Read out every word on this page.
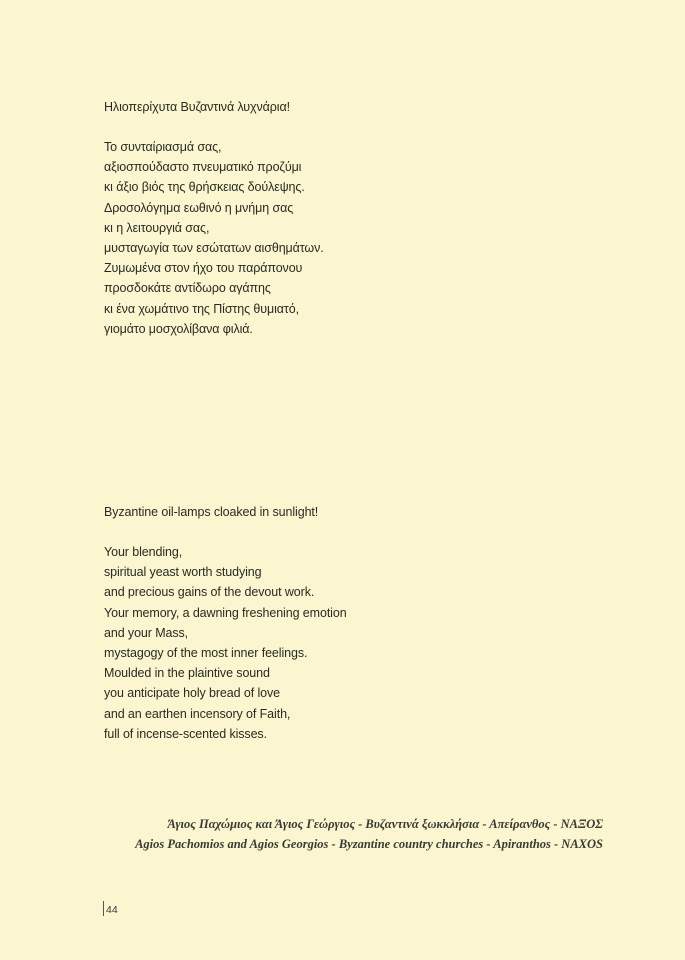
Ηλιοπερίχυτα Βυζαντινά λυχνάρια!
Το συνταίριασμά σας,
αξιοσπούδαστο πνευματικό προζύμι
κι άξιο βιός της θρήσκειας δούλεψης.
Δροσολόγημα εωθινό η μνήμη σας
κι η λειτουργιά σας,
μυσταγωγία των εσώτατων αισθημάτων.
Ζυμωμένα στον ήχο του παράπονου
προσδοκάτε αντίδωρο αγάπης
κι ένα χωμάτινο της Πίστης θυμιατό,
γιομάτο μοσχολίβανα φιλιά.
Byzantine oil-lamps cloaked in sunlight!
Your blending,
spiritual yeast worth studying
and precious gains of the devout work.
Your memory, a dawning freshening emotion
and your Mass,
mystagogy of the most inner feelings.
Moulded in the plaintive sound
you anticipate holy bread of love
and an earthen incensory of Faith,
full of incense-scented kisses.
Άγιος Παχώμιος και Άγιος Γεώργιος - Βυζαντινά ξωκκλήσια - Απείρανθος - ΝΑΞΟΣ
Agios Pachomios and Agios Georgios - Byzantine country churches - Apiranthos - NAXOS
44
